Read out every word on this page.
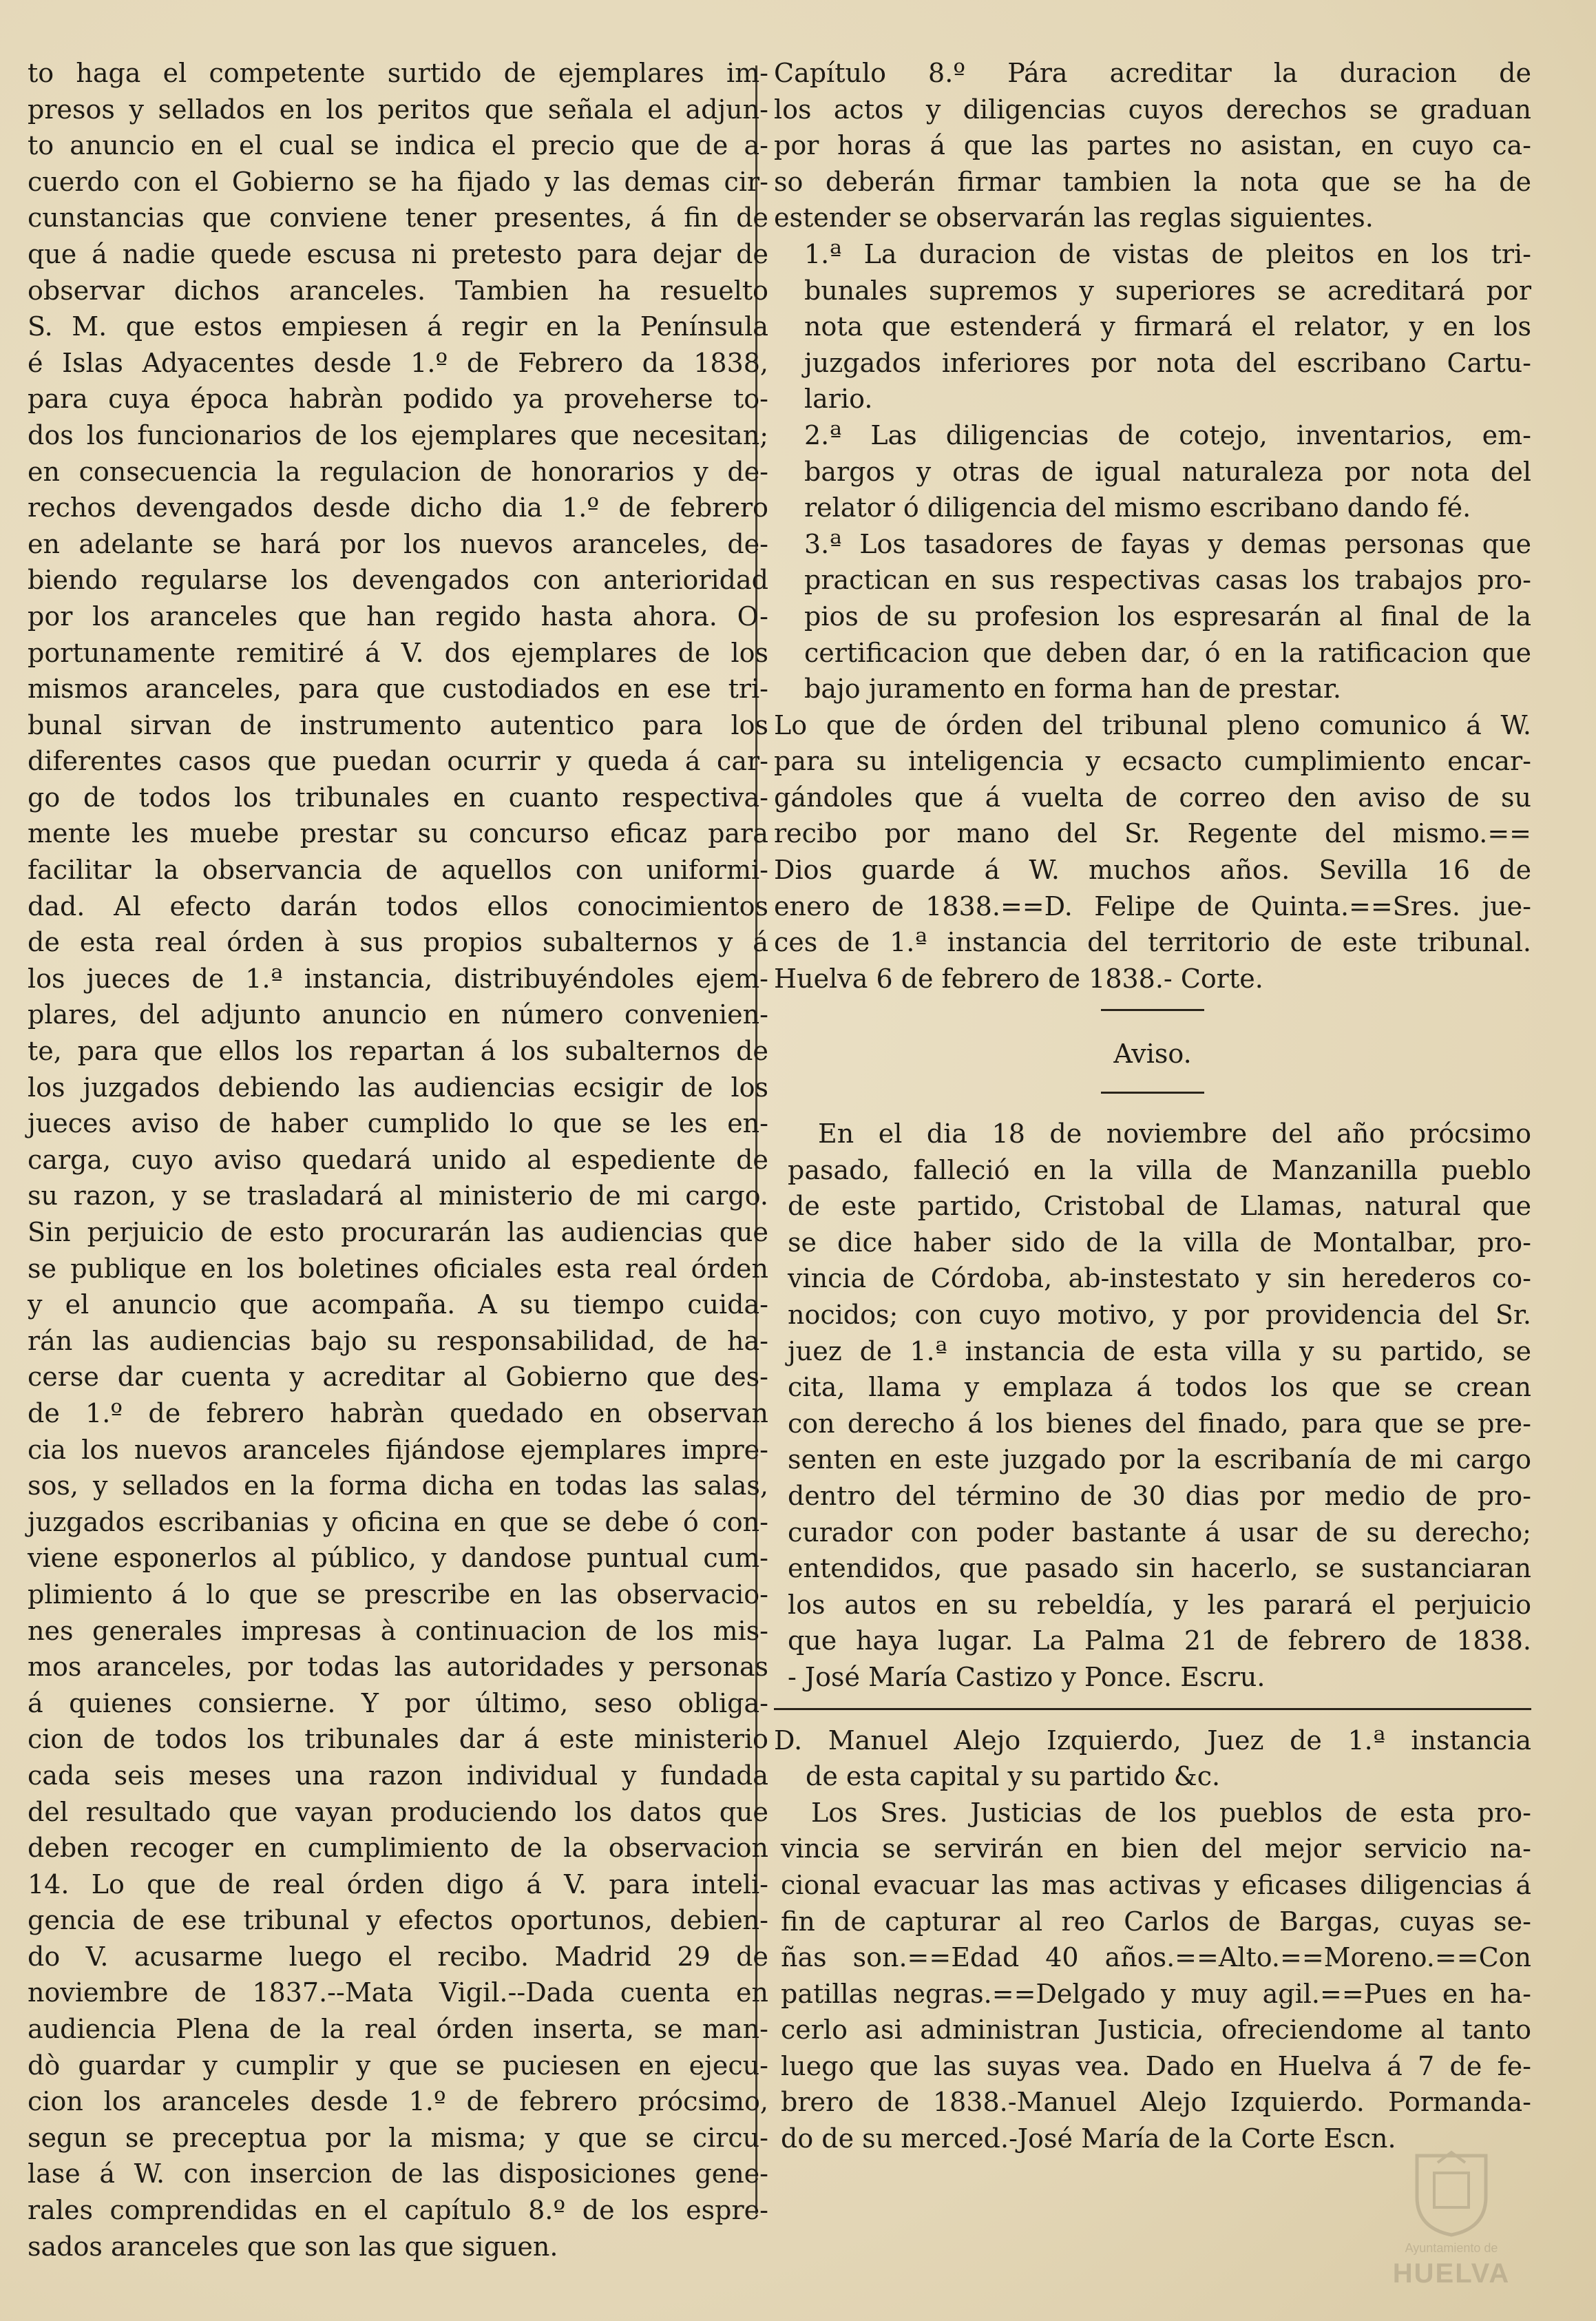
to haga el competente surtido de ejemplares im-
presos y sellados en los peritos que señala el adjun-
to anuncio en el cual se indica el precio que de a-
cuerdo con el Gobierno se ha fijado y las demas cir-
cunstancias que conviene tener presentes, á fin de
que á nadie quede escusa ni pretesto para dejar de
observar dichos aranceles. Tambien ha resuelto
S. M. que estos empiesen á regir en la Península
é Islas Adyacentes desde 1.º de Febrero da 1838,
para cuya época habràn podido ya proveherse to-
dos los funcionarios de los ejemplares que necesitan;
en consecuencia la regulacion de honorarios y de-
rechos devengados desde dicho dia 1.º de febrero
en adelante se hará por los nuevos aranceles, de-
biendo regularse los devengados con anterioridad
por los aranceles que han regido hasta ahora. O-
portunamente remitiré á V. dos ejemplares de los
mismos aranceles, para que custodiados en ese tri-
bunal sirvan de instrumento autentico para los
diferentes casos que puedan ocurrir y queda á car-
go de todos los tribunales en cuanto respectiva-
mente les muebe prestar su concurso eficaz para
facilitar la observancia de aquellos con uniformi-
dad. Al efecto darán todos ellos conocimientos
de esta real órden à sus propios subalternos y á
los jueces de 1.ª instancia, distribuyéndoles ejem-
plares, del adjunto anuncio en número convenien-
te, para que ellos los repartan á los subalternos de
los juzgados debiendo las audiencias ecsigir de los
jueces aviso de haber cumplido lo que se les en-
carga, cuyo aviso quedará unido al espediente de
su razon, y se trasladará al ministerio de mi cargo.
Sin perjuicio de esto procurarán las audiencias que
se publique en los boletines oficiales esta real órden
y el anuncio que acompaña. A su tiempo cuida-
rán las audiencias bajo su responsabilidad, de ha-
cerse dar cuenta y acreditar al Gobierno que des-
de 1.º de febrero habràn quedado en observan
cia los nuevos aranceles fijándose ejemplares impre-
sos, y sellados en la forma dicha en todas las salas,
juzgados escribanias y oficina en que se debe ó con-
viene esponerlos al público, y dandose puntual cum-
plimiento á lo que se prescribe en las observacio-
nes generales impresas à continuacion de los mis-
mos aranceles, por todas las autoridades y personas
á quienes consierne. Y por último, seso obliga-
cion de todos los tribunales dar á este ministerio
cada seis meses una razon individual y fundada
del resultado que vayan produciendo los datos que
deben recoger en cumplimiento de la observacion
14. Lo que de real órden digo á V. para inteli-
gencia de ese tribunal y efectos oportunos, debien-
do V. acusarme luego el recibo. Madrid 29 de
noviembre de 1837.--Mata Vigil.--Dada cuenta en
audiencia Plena de la real órden inserta, se man-
dò guardar y cumplir y que se puciesen en ejecu-
cion los aranceles desde 1.º de febrero prócsimo,
segun se preceptua por la misma; y que se circu-
lase á W. con insercion de las disposiciones gene-
rales comprendidas en el capítulo 8.º de los espre-
sados aranceles que son las que siguen.

Capítulo 8.º Pára acreditar la duracion de
los actos y diligencias cuyos derechos se graduan
por horas á que las partes no asistan, en cuyo ca-
so deberán firmar tambien la nota que se ha de
estender se observarán las reglas siguientes.
1.ª La duracion de vistas de pleitos en los tri-
bunales supremos y superiores se acreditará por
nota que estenderá y firmará el relator, y en los
juzgados inferiores por nota del escribano Cartu-
lario.
2.ª Las diligencias de cotejo, inventarios, em-
bargos y otras de igual naturaleza por nota del
relator ó diligencia del mismo escribano dando fé.
3.ª Los tasadores de fayas y demas personas que
practican en sus respectivas casas los trabajos pro-
pios de su profesion los espresarán al final de la
certificacion que deben dar, ó en la ratificacion que
bajo juramento en forma han de prestar.
Lo que de órden del tribunal pleno comunico á W.
para su inteligencia y ecsacto cumplimiento encar-
gándoles que á vuelta de correo den aviso de su
recibo por mano del Sr. Regente del mismo.==
Dios guarde á W. muchos años. Sevilla 16 de
enero de 1838.==D. Felipe de Quinta.==Sres. jue-
ces de 1.ª instancia del territorio de este tribunal.
Huelva 6 de febrero de 1838.- Corte.

Aviso.

En el dia 18 de noviembre del año prócsimo
pasado, falleció en la villa de Manzanilla pueblo
de este partido, Cristobal de Llamas, natural que
se dice haber sido de la villa de Montalbar, pro-
vincia de Córdoba, ab-instestato y sin herederos co-
nocidos; con cuyo motivo, y por providencia del Sr.
juez de 1.ª instancia de esta villa y su partido, se
cita, llama y emplaza á todos los que se crean
con derecho á los bienes del finado, para que se pre-
senten en este juzgado por la escribanía de mi cargo
dentro del término de 30 dias por medio de pro-
curador con poder bastante á usar de su derecho;
entendidos, que pasado sin hacerlo, se sustanciaran
los autos en su rebeldía, y les parará el perjuicio
que haya lugar. La Palma 21 de febrero de 1838.
- José María Castizo y Ponce. Escru.
D. Manuel Alejo Izquierdo, Juez de 1.ª instancia
de esta capital y su partido &c.
Los Sres. Justicias de los pueblos de esta pro-
vincia se servirán en bien del mejor servicio na-
cional evacuar las mas activas y eficases diligencias á
fin de capturar al reo Carlos de Bargas, cuyas se-
ñas son.==Edad 40 años.==Alto.==Moreno.==Con
patillas negras.==Delgado y muy agil.==Pues en ha-
cerlo asi administran Justicia, ofreciendome al tanto
luego que las suyas vea. Dado en Huelva á 7 de fe-
brero de 1838.-Manuel Alejo Izquierdo. Pormanda-
do de su merced.-José María de la Corte Escn.
Ayuntamiento de
HUELVA
